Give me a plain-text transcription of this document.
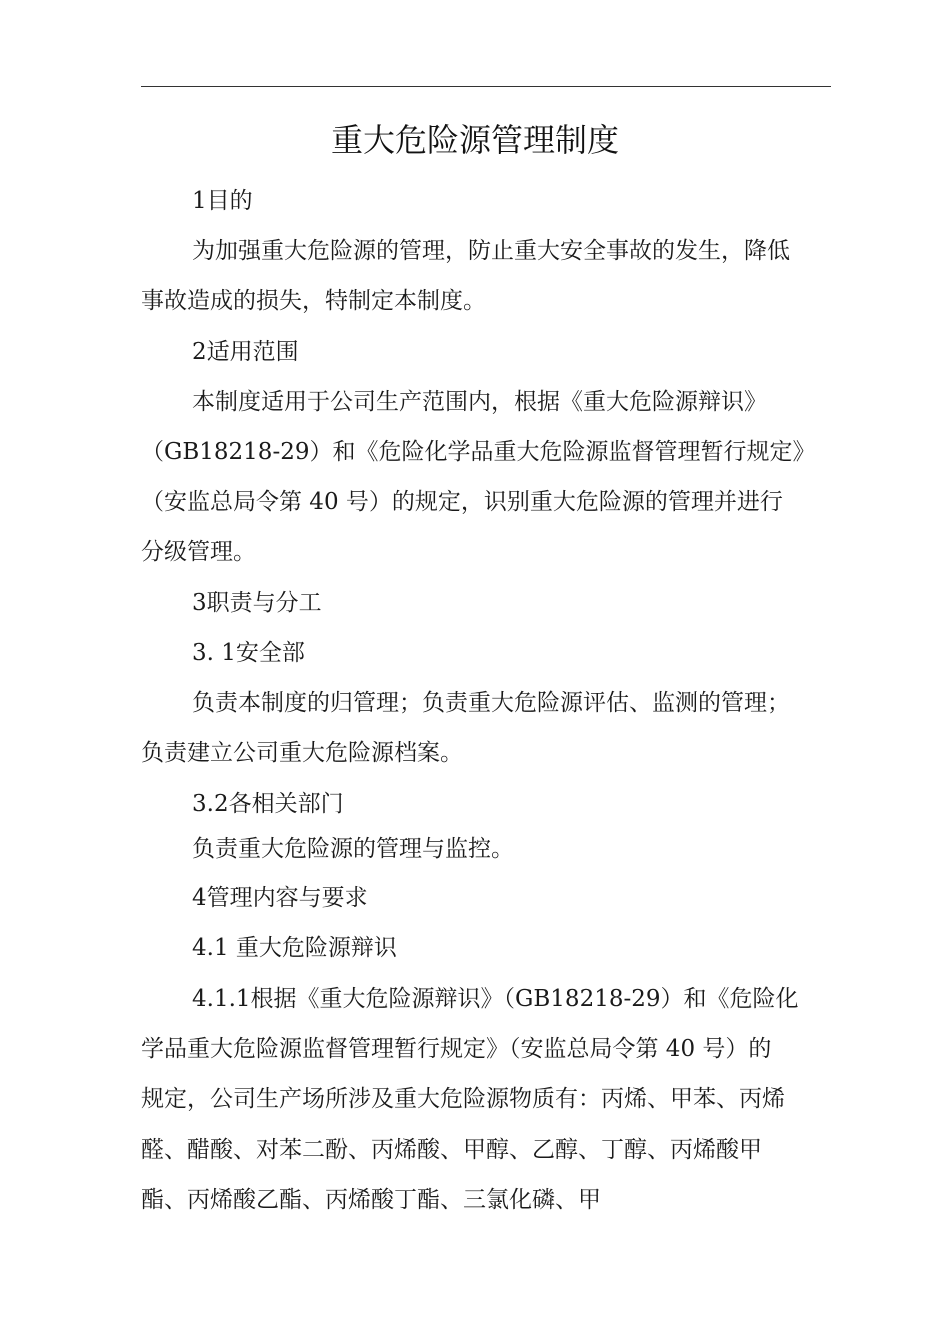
重大危险源管理制度
1目的
为加强重大危险源的管理，防止重大安全事故的发生，降低
事故造成的损失，特制定本制度。
2适用范围
本制度适用于公司生产范围内，根据《重大危险源辩识》
（GB18218-29）和《危险化学品重大危险源监督管理暂行规定》
（安监总局令第 40 号）的规定，识别重大危险源的管理并进行
分级管理。
3职责与分工
3. 1安全部
负责本制度的归管理；负责重大危险源评估、监测的管理；
负责建立公司重大危险源档案。
3.2各相关部门
负责重大危险源的管理与监控。
4管理内容与要求
4.1 重大危险源辩识
4.1.1根据《重大危险源辩识》（GB18218-29）和《危险化
学品重大危险源监督管理暂行规定》（安监总局令第 40 号）的
规定，公司生产场所涉及重大危险源物质有：丙烯、甲苯、丙烯
醛、醋酸、对苯二酚、丙烯酸、甲醇、乙醇、丁醇、丙烯酸甲
酯、丙烯酸乙酯、丙烯酸丁酯、三氯化磷、甲
